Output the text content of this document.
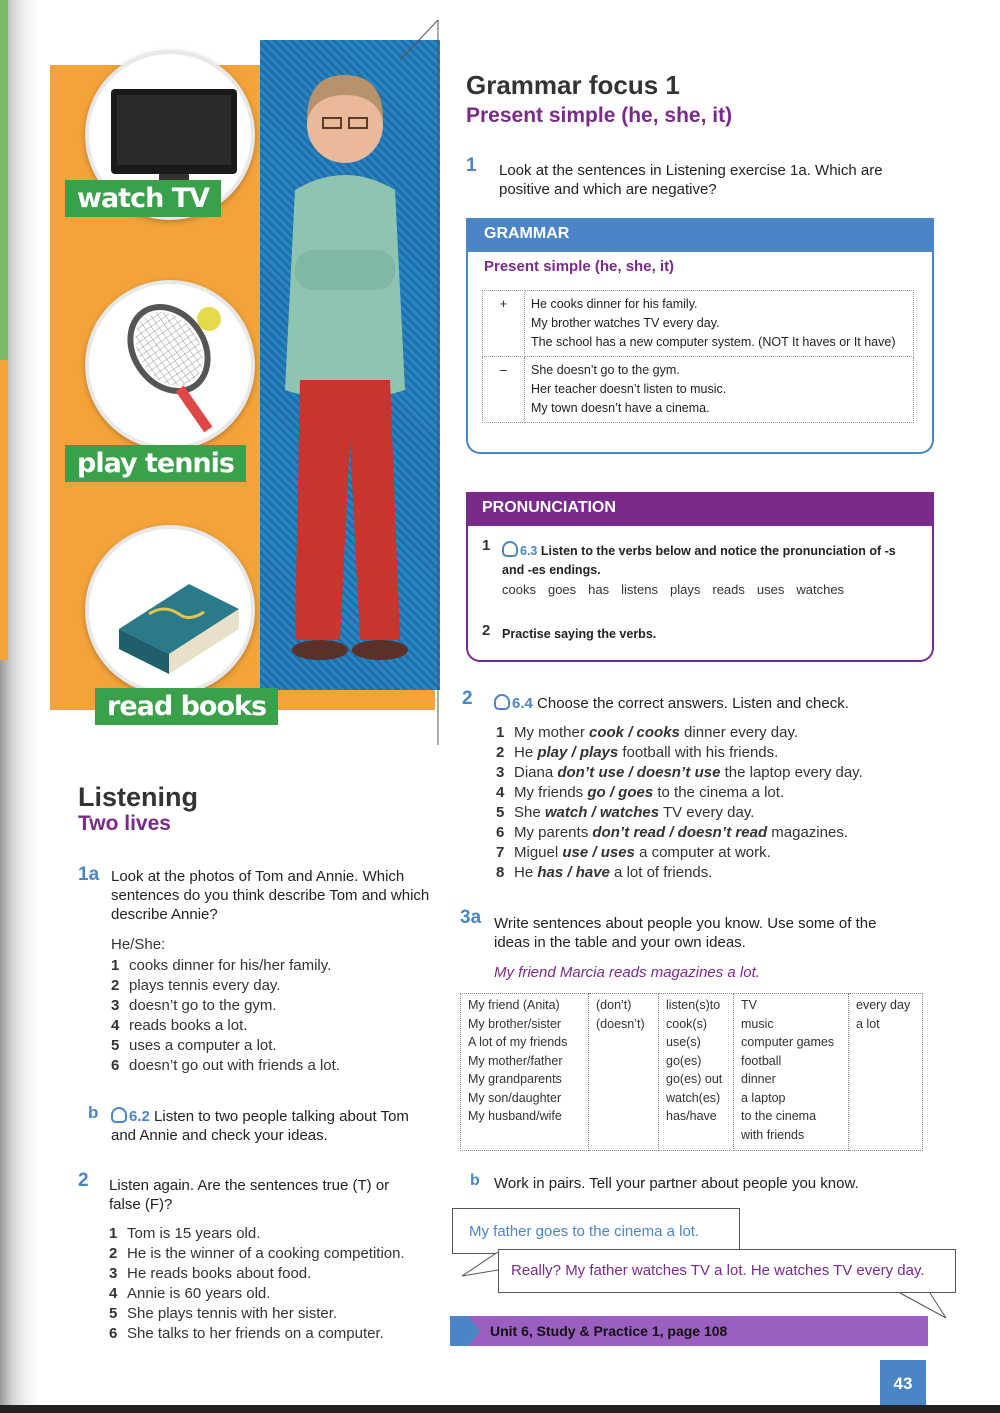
watch TV
play tennis
read books
Listening
Two lives
1a Look at the photos of Tom and Annie. Which sentences do you think describe Tom and which describe Annie?
He/She:
1 cooks dinner for his/her family.
2 plays tennis every day.
3 doesn’t go to the gym.
4 reads books a lot.
5 uses a computer a lot.
6 doesn’t go out with friends a lot.
b	6.2 Listen to two people talking about Tom and Annie and check your ideas.
2 Listen again. Are the sentences true (T) or false (F)?
1 Tom is 15 years old.
2 He is the winner of a cooking competition.
3 He reads books about food.
4 Annie is 60 years old.
5 She plays tennis with her sister.
6 She talks to her friends on a computer.
Grammar focus 1
Present simple (he, she, it)
1 Look at the sentences in Listening exercise 1a. Which are positive and which are negative?
GRAMMAR
Present simple (he, she, it)
+	He cooks dinner for his family.
My brother watches TV every day.
The school has a new computer system. (NOT It haves or It have)

–	She doesn’t go to the gym.
Her teacher doesn’t listen to music.
My town doesn’t have a cinema.
PRONUNCIATION
1	6.3 Listen to the verbs below and notice the pronunciation of -s and -es endings.
cooks goes has listens plays reads uses watches
2 Practise saying the verbs.
2	6.4 Choose the correct answers. Listen and check.
1 My mother cook / cooks dinner every day.
2 He play / plays football with his friends.
3 Diana don’t use / doesn’t use the laptop every day.
4 My friends go / goes to the cinema a lot.
5 She watch / watches TV every day.
6 My parents don’t read / doesn’t read magazines.
7 Miguel use / uses a computer at work.
8 He has / have a lot of friends.
3a Write sentences about people you know. Use some of the ideas in the table and your own ideas.
My friend Marcia reads magazines a lot.
My friend (Anita)
My brother/sister
A lot of my friends
My mother/father
My grandparents
My son/daughter
My husband/wife

(don’t)
(doesn’t)

listen(s)to
cook(s)
use(s)
go(es)
go(es) out
watch(es)
has/have

TV
music
computer games
football
dinner
a laptop
to the cinema
with friends

every day
a lot
b Work in pairs. Tell your partner about people you know.
My father goes to the cinema a lot.
Really? My father watches TV a lot. He watches TV every day.
Unit 6, Study & Practice 1, page 108
43
